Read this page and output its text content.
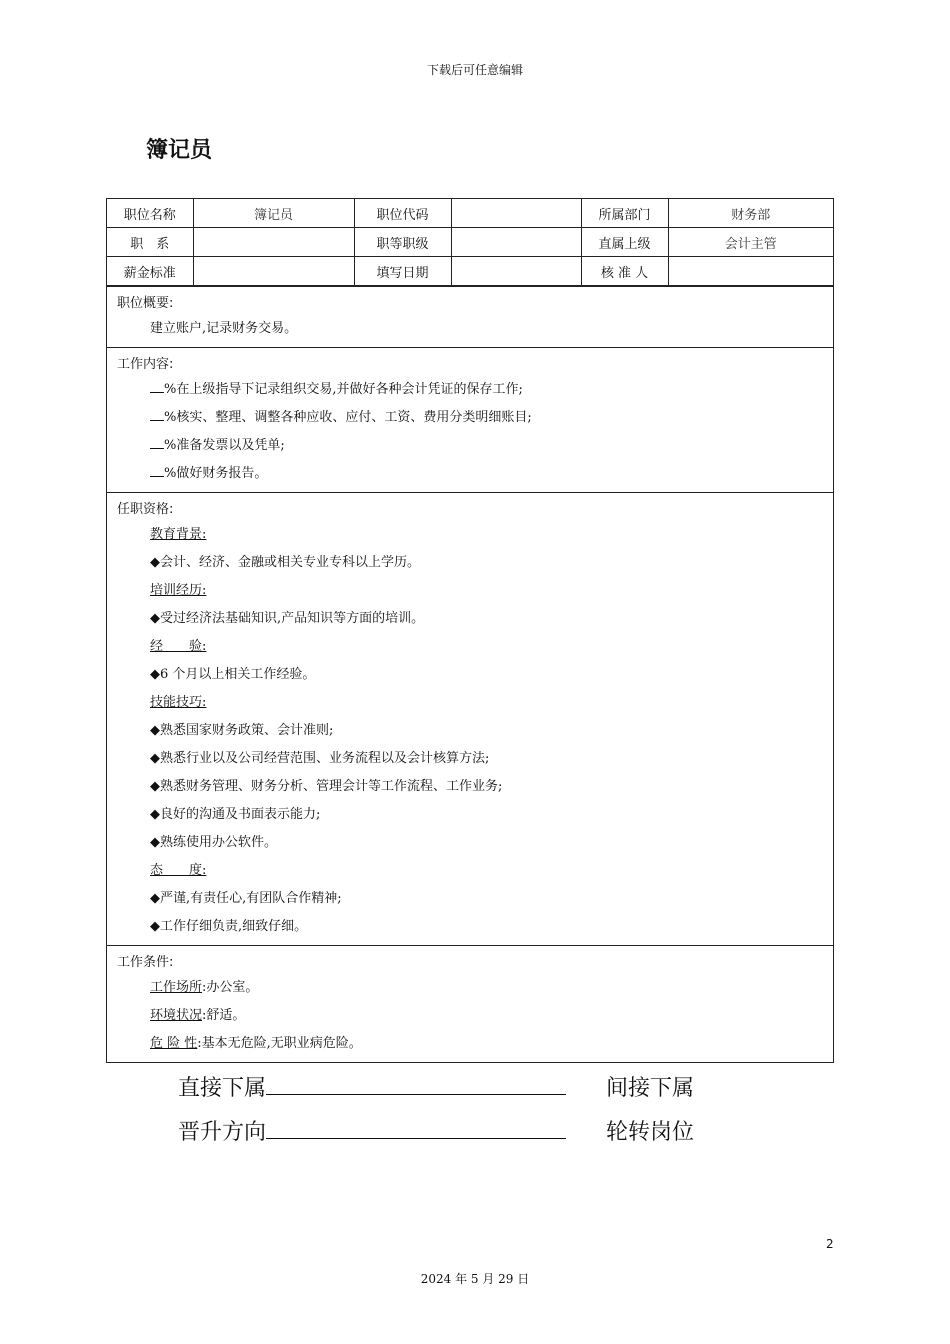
下载后可任意编辑
簿记员
职位名称	簿记员	职位代码		所属部门	财务部
职　系		职等职级		直属上级	会计主管
薪金标准		填写日期		核 准 人	
职位概要:
建立账户,记录财务交易。
工作内容:
%在上级指导下记录组织交易,并做好各种会计凭证的保存工作;
%核实、整理、调整各种应收、应付、工资、费用分类明细账目;
%准备发票以及凭单;
%做好财务报告。
任职资格:
教育背景:
◆会计、经济、金融或相关专业专科以上学历。
培训经历:
◆受过经济法基础知识,产品知识等方面的培训。
经　　验:
◆6 个月以上相关工作经验。
技能技巧:
◆熟悉国家财务政策、会计准则;
◆熟悉行业以及公司经营范围、业务流程以及会计核算方法;
◆熟悉财务管理、财务分析、管理会计等工作流程、工作业务;
◆良好的沟通及书面表示能力;
◆熟练使用办公软件。
态　　度:
◆严谨,有责任心,有团队合作精神;
◆工作仔细负责,细致仔细。
工作条件:
工作场所:办公室。
环境状况:舒适。
危 险 性:基本无危险,无职业病危险。
直接下属	间接下属
晋升方向	轮转岗位
2
2024 年 5 月 29 日
